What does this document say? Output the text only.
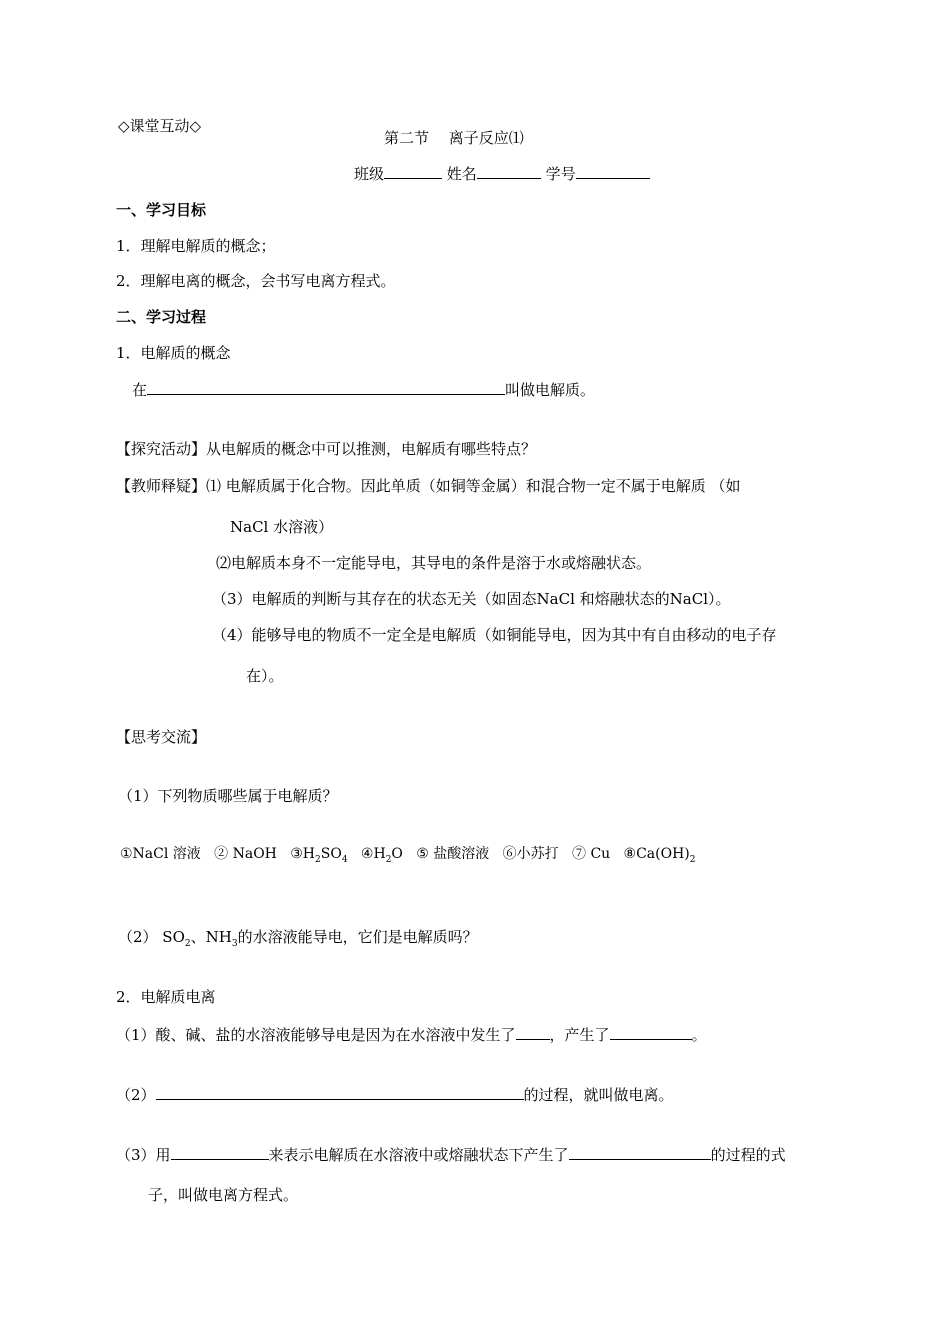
◇课堂互动◇
第二节　 离子反应⑴
班级	姓名	学号
一、学习目标
1．理解电解质的概念；
2．理解电离的概念，会书写电离方程式。
二、学习过程
1．电解质的概念
在	叫做电解质。
【探究活动】从电解质的概念中可以推测，电解质有哪些特点？
【教师释疑】⑴ 电解质属于化合物。因此单质（如铜等金属）和混合物一定不属于电解质 （如
NaCl 水溶液）
⑵电解质本身不一定能导电，其导电的条件是溶于水或熔融状态。
（3）电解质的判断与其存在的状态无关（如固态NaCl 和熔融状态的NaCl）。
（4）能够导电的物质不一定全是电解质（如铜能导电，因为其中有自由移动的电子存
在）。
【思考交流】
（1）下列物质哪些属于电解质？
①NaCl 溶液 ② NaOH $③H_2SO_4$ $④H_2O$ ⑤ 盐酸溶液 ⑥小苏打 ⑦ Cu $⑧Ca(OH)_2$
（2） $SO_2$、$NH_3$的水溶液能导电，它们是电解质吗？
2．电解质电离
（1）酸、碱、盐的水溶液能够导电是因为在水溶液中发生了 ，产生了	。
（2）	的过程，就叫做电离。
（3）用	来表示电解质在水溶液中或熔融状态下产生了	的过程的式
子，叫做电离方程式。
